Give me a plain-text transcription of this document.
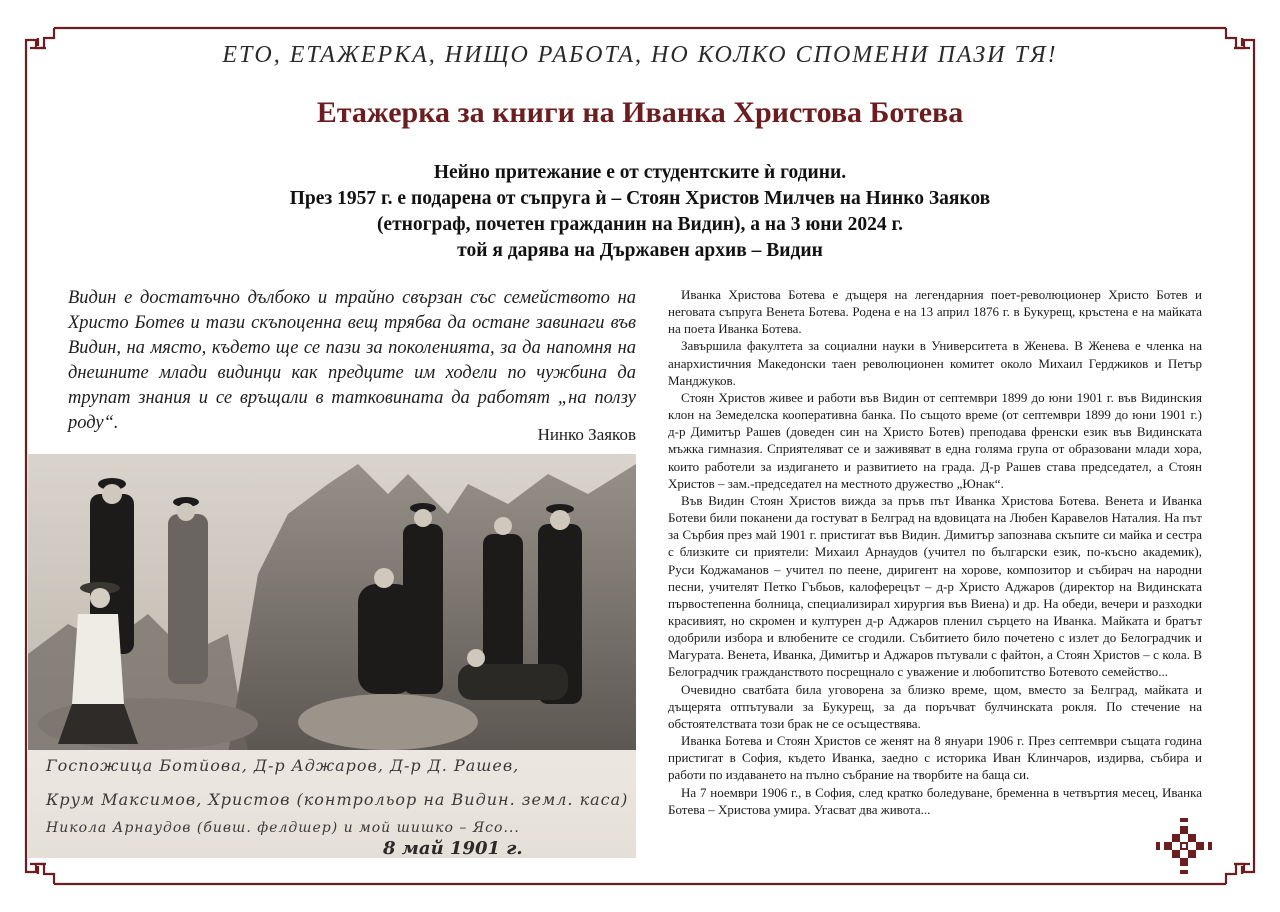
ЕТО, ЕТАЖЕРКА, НИЩО РАБОТА, НО КОЛКО СПОМЕНИ ПАЗИ ТЯ!
Етажерка за книги на Иванка Христова Ботева
Нейно притежание е от студентските ѝ години.
През 1957 г. е подарена от съпруга ѝ – Стоян Христов Милчев на Нинко Заяков
(етнограф, почетен гражданин на Видин), а на 3 юни 2024 г.
той я дарява на Държавен архив – Видин
Видин е достатъчно дълбоко и трайно свързан със семейството на Христо Ботев и тази скъпоценна вещ трябва да остане завинаги във Видин, на място, където ще се пази за поколенията, за да напомня на днешните млади видинци как предците им ходели по чужбина да трупат знания и се връщали в татковината да работят „на ползу роду“.
Нинко Заяков
Госпожица Ботйова, Д-р Аджаров, Д-р Д. Рашев,
Крум Максимов, Христов (контрольор на Видин. земл. каса)
Никола Арнаудов (бивш. фелдшер) и мой шишко – Ясо...
8 май 1901 г.

Иванка Христова Ботева е дъщеря на легендарния поет-революционер Христо Ботев и неговата съпруга Венета Ботева. Родена е на 13 април 1876 г. в Букурещ, кръстена е на майката на поета Иванка Ботева.

Завършила факултета за социални науки в Университета в Женева. В Женева е членка на анархистичния Македонски таен революционен комитет около Михаил Герджиков и Петър Манджуков.

Стоян Христов живее и работи във Видин от септември 1899 до юни 1901 г. във Видинския клон на Земеделска кооперативна банка. По същото време (от септември 1899 до юни 1901 г.) д-р Димитър Рашев (доведен син на Христо Ботев) преподава френски език във Видинската мъжка гимназия. Сприятеляват се и заживяват в една голяма група от образовани млади хора, които работели за издигането и развитието на града. Д-р Рашев става председател, а Стоян Христов – зам.-председател на местното дружество „Юнак“.

Във Видин Стоян Христов вижда за пръв път Иванка Христова Ботева. Венета и Иванка Ботеви били поканени да гостуват в Белград на вдовицата на Любен Каравелов Наталия. На път за Сърбия през май 1901 г. пристигат във Видин. Димитър запознава скъпите си майка и сестра с близките си приятели: Михаил Арнаудов (учител по български език, по-късно академик), Руси Коджаманов – учител по пеене, диригент на хорове, композитор и събирач на народни песни, учителят Петко Гъбьов, калоферецът – д-р Христо Аджаров (директор на Видинската първостепенна болница, специализирал хирургия във Виена) и др. На обеди, вечери и разходки красивият, но скромен и културен д-р Аджаров пленил сърцето на Иванка. Майката и братът одобрили избора и влюбените се сгодили. Събитието било почетено с излет до Белоградчик и Магурата. Венета, Иванка, Димитър и Аджаров пътували с файтон, а Стоян Христов – с кола. В Белоградчик гражданството посрещнало с уважение и любопитство Ботевото семейство...

Очевидно сватбата била уговорена за близко време, щом, вместо за Белград, майката и дъщерята отпътували за Букурещ, за да поръчват булчинската рокля. По стечение на обстоятелствата този брак не се осъществява.

Иванка Ботева и Стоян Христов се женят на 8 януари 1906 г. През септември същата година пристигат в София, където Иванка, заедно с историка Иван Клинчаров, издирва, събира и работи по издаването на пълно събрание на творбите на баща си.

На 7 ноември 1906 г., в София, след кратко боледуване, бременна в четвъртия месец, Иванка Ботева – Христова умира. Угасват два живота...
